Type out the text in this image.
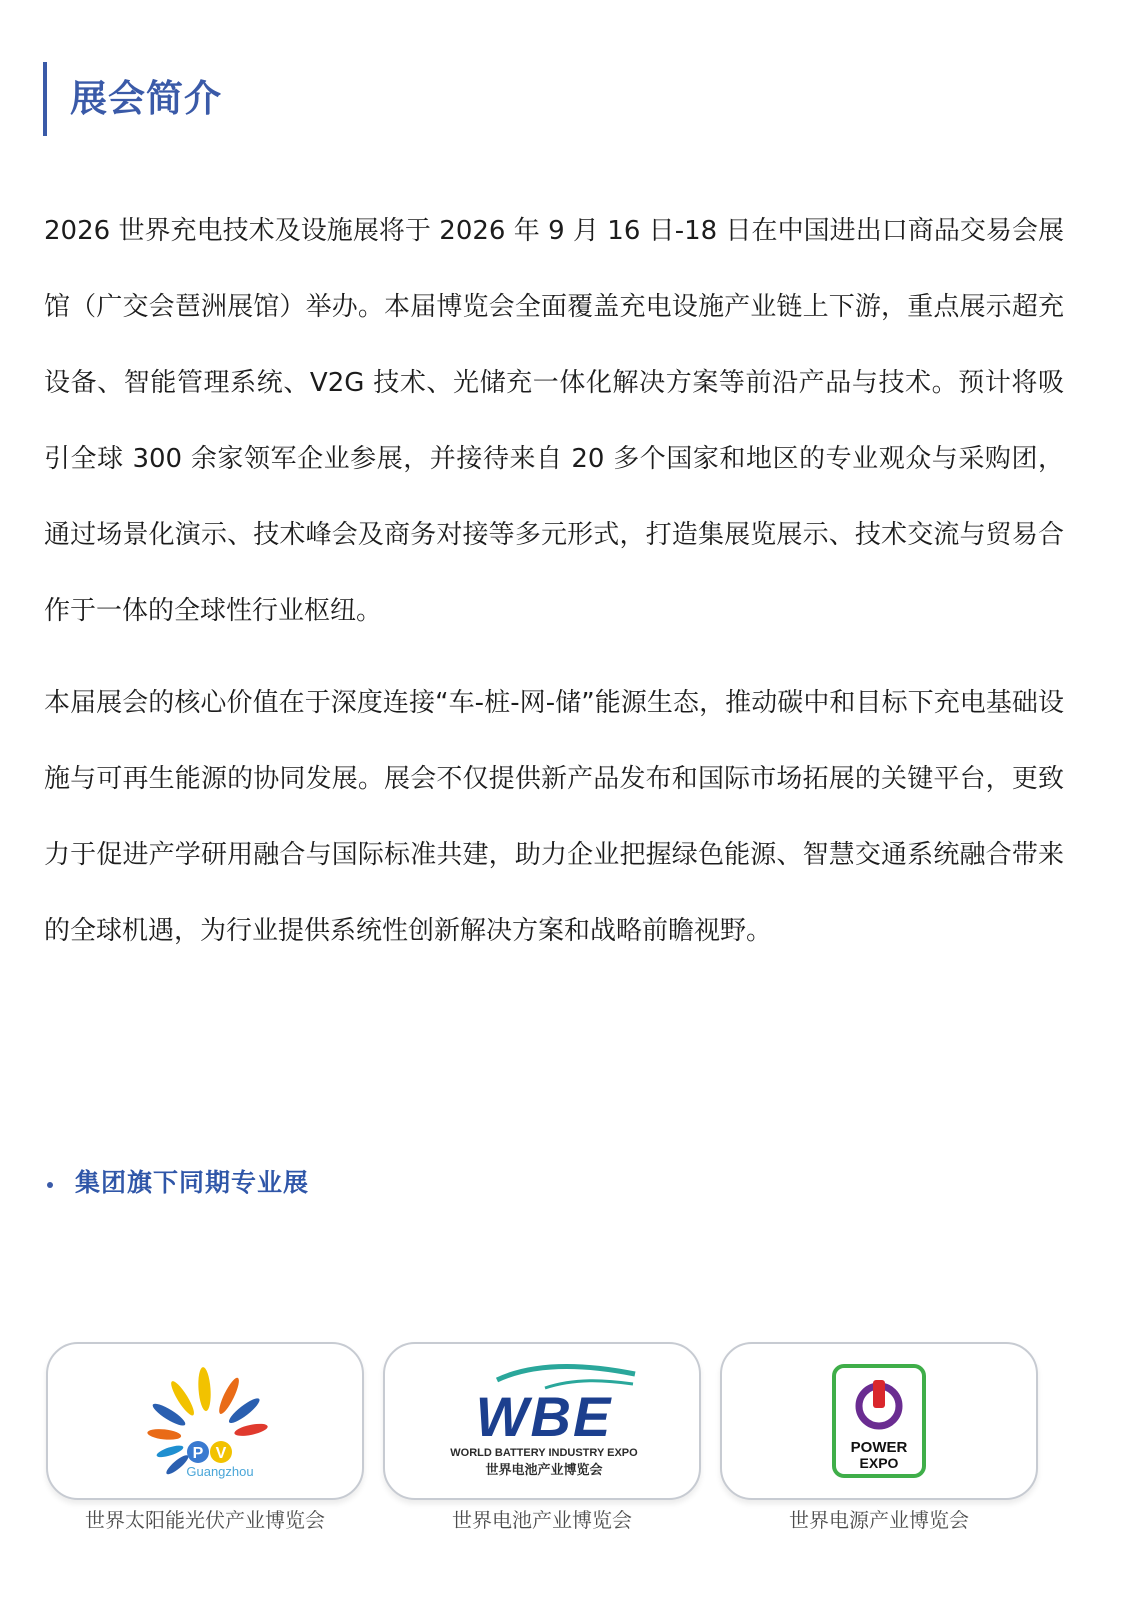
展会简介

2026 世界充电技术及设施展将于 2026 年 9 月 16 日-18 日在中国进出口商品交易会展馆（广交会琶洲展馆）举办。本届博览会全面覆盖充电设施产业链上下游，重点展示超充设备、智能管理系统、V2G 技术、光储充一体化解决方案等前沿产品与技术。预计将吸引全球 300 余家领军企业参展，并接待来自 20 多个国家和地区的专业观众与采购团，通过场景化演示、技术峰会及商务对接等多元形式，打造集展览展示、技术交流与贸易合作于一体的全球性行业枢纽。

本届展会的核心价值在于深度连接“车-桩-网-储”能源生态，推动碳中和目标下充电基础设施与可再生能源的协同发展。展会不仅提供新产品发布和国际市场拓展的关键平台，更致力于促进产学研用融合与国际标准共建，助力企业把握绿色能源、智慧交通系统融合带来的全球机遇，为行业提供系统性创新解决方案和战略前瞻视野。

集团旗下同期专业展
P V
Guangzhou
WBE
WORLD BATTERY INDUSTRY EXPO
世界电池产业博览会
POWER
EXPO
世界太阳能光伏产业博览会	世界电池产业博览会	世界电源产业博览会
